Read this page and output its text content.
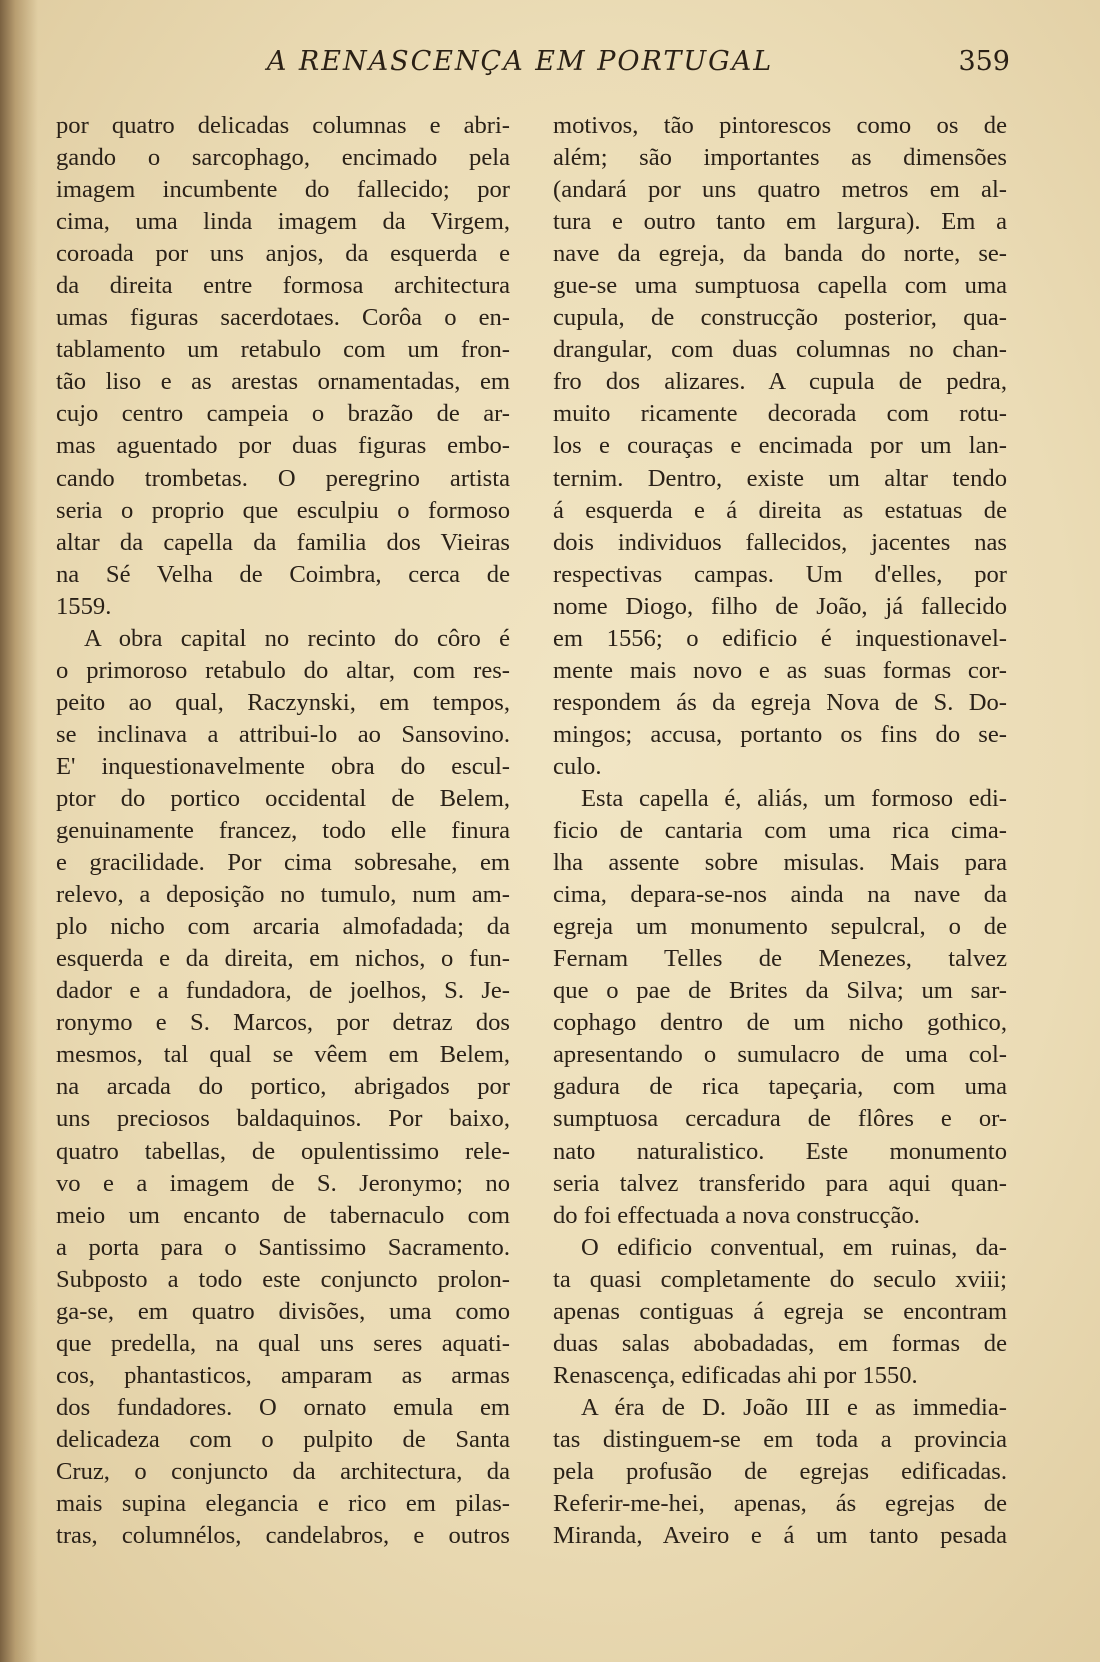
A RENASCENÇA EM PORTUGAL	359
por quatro delicadas columnas e abri-
gando o sarcophago, encimado pela
imagem incumbente do fallecido; por
cima, uma linda imagem da Virgem,
coroada por uns anjos, da esquerda e
da direita entre formosa architectura
umas figuras sacerdotaes. Corôa o en-
tablamento um retabulo com um fron-
tão liso e as arestas ornamentadas, em
cujo centro campeia o brazão de ar-
mas aguentado por duas figuras embo-
cando trombetas. O peregrino artista
seria o proprio que esculpiu o formoso
altar da capella da familia dos Vieiras
na Sé Velha de Coimbra, cerca de
1559.
A obra capital no recinto do côro é
o primoroso retabulo do altar, com res-
peito ao qual, Raczynski, em tempos,
se inclinava a attribui-lo ao Sansovino.
E' inquestionavelmente obra do escul-
ptor do portico occidental de Belem,
genuinamente francez, todo elle finura
e gracilidade. Por cima sobresahe, em
relevo, a deposição no tumulo, num am-
plo nicho com arcaria almofadada; da
esquerda e da direita, em nichos, o fun-
dador e a fundadora, de joelhos, S. Je-
ronymo e S. Marcos, por detraz dos
mesmos, tal qual se vêem em Belem,
na arcada do portico, abrigados por
uns preciosos baldaquinos. Por baixo,
quatro tabellas, de opulentissimo rele-
vo e a imagem de S. Jeronymo; no
meio um encanto de tabernaculo com
a porta para o Santissimo Sacramento.
Subposto a todo este conjuncto prolon-
ga-se, em quatro divisões, uma como
que predella, na qual uns seres aquati-
cos, phantasticos, amparam as armas
dos fundadores. O ornato emula em
delicadeza com o pulpito de Santa
Cruz, o conjuncto da architectura, da
mais supina elegancia e rico em pilas-
tras, columnélos, candelabros, e outros
motivos, tão pintorescos como os de
além; são importantes as dimensões
(andará por uns quatro metros em al-
tura e outro tanto em largura). Em a
nave da egreja, da banda do norte, se-
gue-se uma sumptuosa capella com uma
cupula, de construcção posterior, qua-
drangular, com duas columnas no chan-
fro dos alizares. A cupula de pedra,
muito ricamente decorada com rotu-
los e couraças e encimada por um lan-
ternim. Dentro, existe um altar tendo
á esquerda e á direita as estatuas de
dois individuos fallecidos, jacentes nas
respectivas campas. Um d'elles, por
nome Diogo, filho de João, já fallecido
em 1556; o edificio é inquestionavel-
mente mais novo e as suas formas cor-
respondem ás da egreja Nova de S. Do-
mingos; accusa, portanto os fins do se-
culo.
Esta capella é, aliás, um formoso edi-
ficio de cantaria com uma rica cima-
lha assente sobre misulas. Mais para
cima, depara-se-nos ainda na nave da
egreja um monumento sepulcral, o de
Fernam Telles de Menezes, talvez
que o pae de Brites da Silva; um sar-
cophago dentro de um nicho gothico,
apresentando o sumulacro de uma col-
gadura de rica tapeçaria, com uma
sumptuosa cercadura de flôres e or-
nato naturalistico. Este monumento
seria talvez transferido para aqui quan-
do foi effectuada a nova construcção.
O edificio conventual, em ruinas, da-
ta quasi completamente do seculo xviii;
apenas contiguas á egreja se encontram
duas salas abobadadas, em formas de
Renascença, edificadas ahi por 1550.
A éra de D. João III e as immedia-
tas distinguem-se em toda a provincia
pela profusão de egrejas edificadas.
Referir-me-hei, apenas, ás egrejas de
Miranda, Aveiro e á um tanto pesada
